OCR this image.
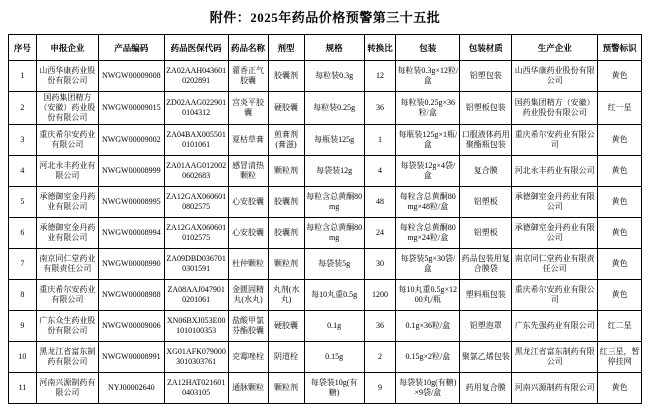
附件：2025年药品价格预警第三十五批
序号	申报企业	产品编码	药品医保代码	药品名称	剂型	规格	转换比	包装	包装材质	生产企业	预警标识
1	山西华康药业股份有限公司	NWGW00009008	ZA02AAH0436010202891	藿香正气胶囊	胶囊剂	每粒装0.3g	12	每粒装0.3g×12粒/盒	铝塑包装	山西华康药业股份有限公司	黄色
2	国药集团精方（安徽）药业股份有限公司	NWGW00009015	ZD02AAG0229010104312	宫炎平胶囊	硬胶囊	每粒装0.25g	36	每粒装0.25g×36粒/盒	铝塑板包装	国药集团精方（安徽）药业股份有限公司	红一星
3	重庆希尔安药业有限公司	NWGW00009002	ZA04BAX0055010101061	夏枯草膏	煎膏剂(膏滋)	每瓶装125g	1	每瓶装125g×1瓶/盒	口服液体药用聚酯瓶包装	重庆希尔安药业有限公司	黄色
4	河北永丰药业有限公司	NWGW00008999	ZA01AAG0120020602683	感冒清热颗粒	颗粒剂	每袋装12g	4	每袋装12g×4袋/盒	复合膜	河北永丰药业有限公司	黄色
5	承德御室金丹药业有限公司	NWGW00008995	ZA12GAX0606010802575	心安胶囊	胶囊剂	每粒含总黄酮80mg	48	每粒含总黄酮80mg×48粒/盒	铝塑板	承德御室金丹药业有限公司	黄色
6	承德御室金丹药业有限公司	NWGW00008994	ZA12GAX0606010102575	心安胶囊	胶囊剂	每粒含总黄酮80mg	24	每粒含总黄酮80mg×24粒/盒	铝塑板	承德御室金丹药业有限公司	黄色
7	南京同仁堂药业有限责任公司	NWGW00008990	ZA09DBD0367010301591	杜仲颗粒	颗粒剂	每袋装5g	30	每袋装5g×30袋/盒	药品包装用复合膜袋	南京同仁堂药业有限责任公司	黄色
8	重庆希尔安药业有限公司	NWGW00008988	ZA08AAJ0479010201061	金匮固精丸(水丸)	丸剂(水丸)	每10丸重0.5g	1200	每10丸重0.5g×1200丸/瓶	塑料瓶包装	重庆希尔安药业有限公司	黄色
9	广东众生药业股份有限公司	NWGW00009006	XN06BXJ053E001010100353	盐酸甲氯芬酯胶囊	硬胶囊	0.1g	36	0.1g×36粒/盒	铝塑泡罩	广东先强药业有限公司	红二星
10	黑龙江省富东制药有限公司	NWGW00008991	XG01AFK0790003010303761	克霉唑栓	阴道栓	0.15g	2	0.15g×2粒/盒	聚氯乙烯包装	黑龙江省富东制药有限公司	红三星，暂停挂网
11	河南兴源制药有限公司	NYJ00002640	ZA12HAT0216010403105	通脉颗粒	颗粒剂	每袋装10g(有糖)	9	每袋装10g(有糖)×9袋/盒	药用复合膜	河南兴源制药有限公司	黄色
